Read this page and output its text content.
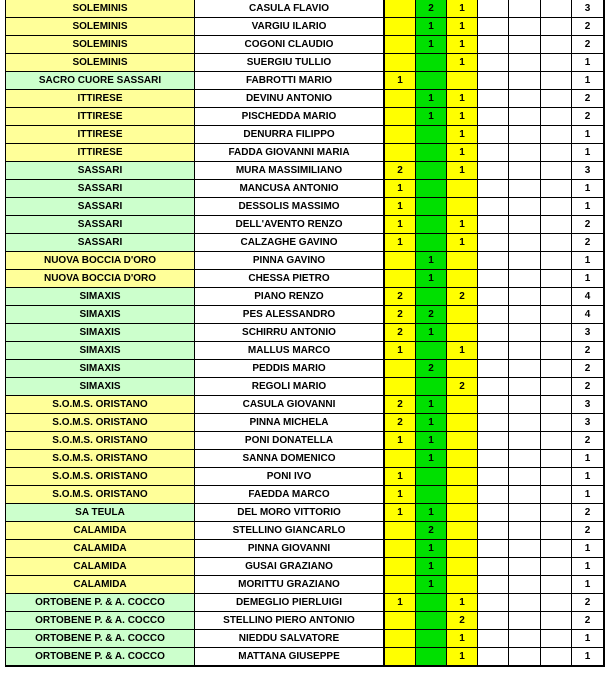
SOLEMINIS	CASULA FLAVIO		2	1				3
SOLEMINIS	VARGIU ILARIO		1	1				2
SOLEMINIS	COGONI CLAUDIO		1	1				2
SOLEMINIS	SUERGIU TULLIO			1				1
SACRO CUORE SASSARI	FABROTTI MARIO	1						1
ITTIRESE	DEVINU ANTONIO		1	1				2
ITTIRESE	PISCHEDDA MARIO		1	1				2
ITTIRESE	DENURRA FILIPPO			1				1
ITTIRESE	FADDA GIOVANNI MARIA			1				1
SASSARI	MURA MASSIMILIANO	2		1				3
SASSARI	MANCUSA ANTONIO	1						1
SASSARI	DESSOLIS MASSIMO	1						1
SASSARI	DELL'AVENTO RENZO	1		1				2
SASSARI	CALZAGHE GAVINO	1		1				2
NUOVA BOCCIA D'ORO	PINNA GAVINO		1					1
NUOVA BOCCIA D'ORO	CHESSA PIETRO		1					1
SIMAXIS	PIANO RENZO	2		2				4
SIMAXIS	PES ALESSANDRO	2	2					4
SIMAXIS	SCHIRRU ANTONIO	2	1					3
SIMAXIS	MALLUS MARCO	1		1				2
SIMAXIS	PEDDIS MARIO		2					2
SIMAXIS	REGOLI MARIO			2				2
S.O.M.S. ORISTANO	CASULA GIOVANNI	2	1					3
S.O.M.S. ORISTANO	PINNA MICHELA	2	1					3
S.O.M.S. ORISTANO	PONI DONATELLA	1	1					2
S.O.M.S. ORISTANO	SANNA DOMENICO		1					1
S.O.M.S. ORISTANO	PONI IVO	1						1
S.O.M.S. ORISTANO	FAEDDA MARCO	1						1
SA TEULA	DEL MORO VITTORIO	1	1					2
CALAMIDA	STELLINO GIANCARLO		2					2
CALAMIDA	PINNA GIOVANNI		1					1
CALAMIDA	GUSAI GRAZIANO		1					1
CALAMIDA	MORITTU GRAZIANO		1					1
ORTOBENE P. & A. COCCO	DEMEGLIO PIERLUIGI	1		1				2
ORTOBENE P. & A. COCCO	STELLINO PIERO ANTONIO			2				2
ORTOBENE P. & A. COCCO	NIEDDU SALVATORE			1				1
ORTOBENE P. & A. COCCO	MATTANA GIUSEPPE			1				1
